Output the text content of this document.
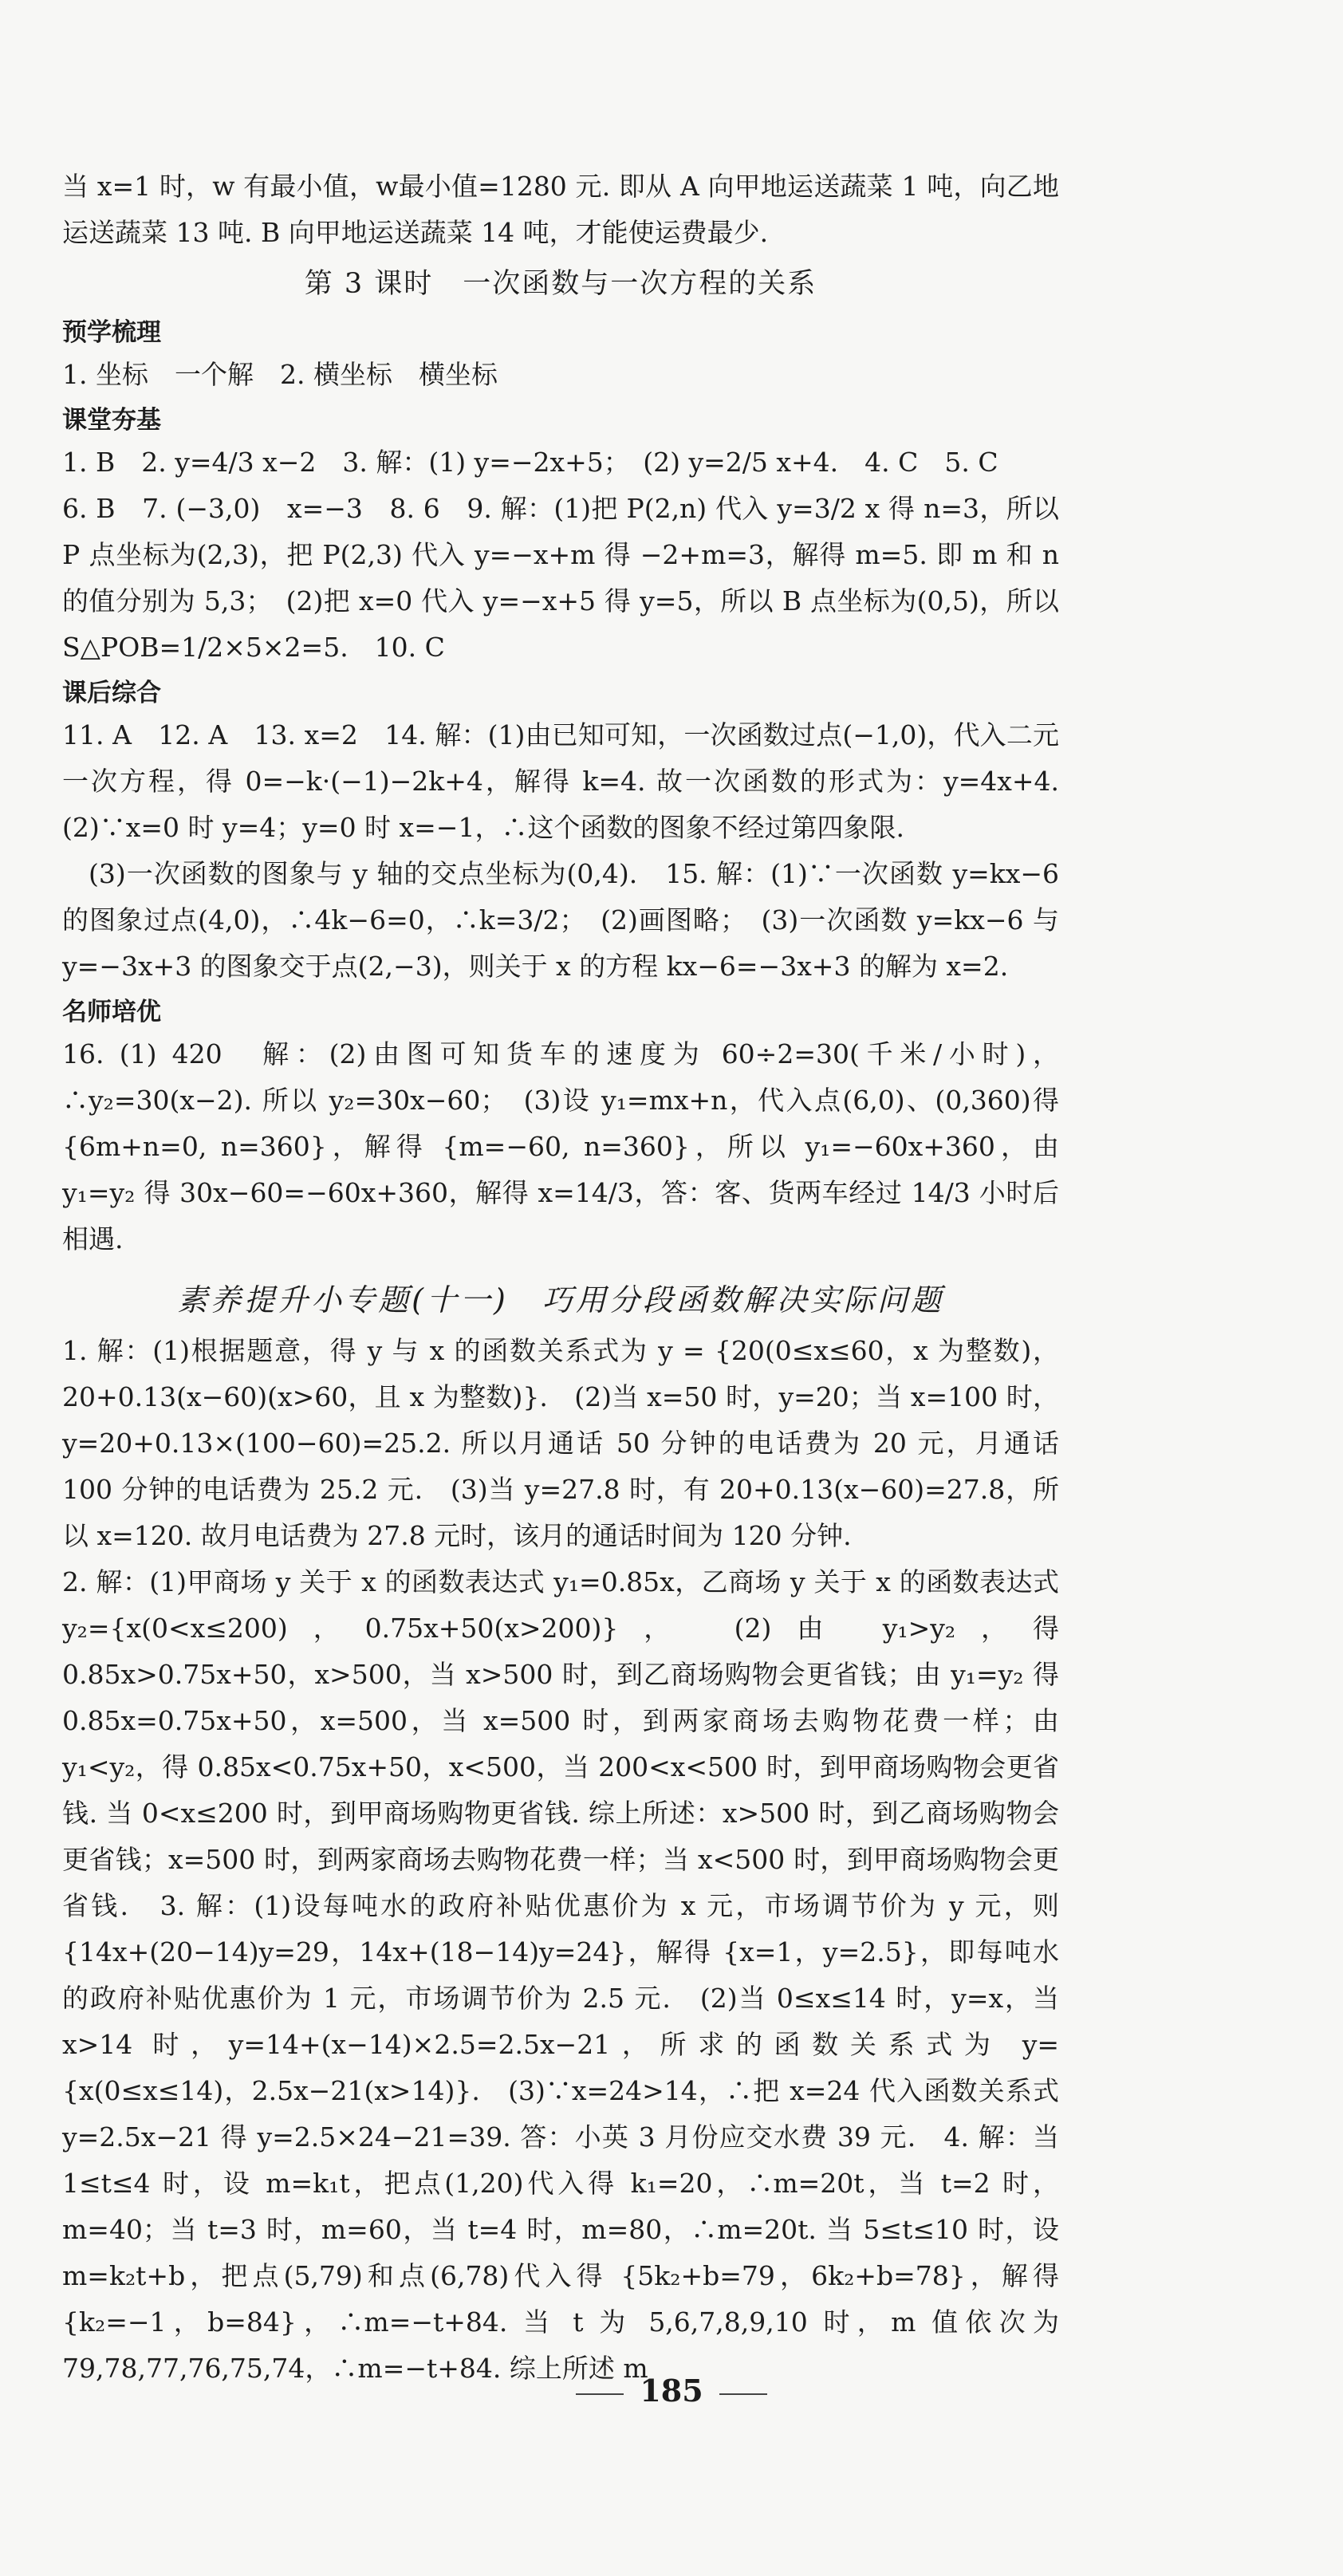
当 x=1 时，w 有最小值，w最小值=1280 元. 即从 A 向甲地运送蔬菜 1 吨，向乙地运送蔬菜 13 吨. B 向甲地运送蔬菜 14 吨，才能使运费最少.

第 3 课时　一次函数与一次方程的关系
预学梳理

1. 坐标　一个解　2. 横坐标　横坐标

课堂夯基

1. B　2. y=4/3 x−2　3. 解：(1) y=−2x+5；　(2) y=2/5 x+4.　4. C　5. C

6. B　7. (−3,0)　x=−3　8. 6　9. 解：(1)把 P(2,n) 代入 y=3/2 x 得 n=3，所以 P 点坐标为(2,3)，把 P(2,3) 代入 y=−x+m 得 −2+m=3，解得 m=5. 即 m 和 n 的值分别为 5,3；　(2)把 x=0 代入 y=−x+5 得 y=5，所以 B 点坐标为(0,5)，所以 S△POB=1/2×5×2=5.　10. C

课后综合

11. A　12. A　13. x=2　14. 解：(1)由已知可知，一次函数过点(−1,0)，代入二元一次方程，得 0=−k·(−1)−2k+4，解得 k=4. 故一次函数的形式为：y=4x+4.　(2)∵x=0 时 y=4；y=0 时 x=−1，∴这个函数的图象不经过第四象限.

(3)一次函数的图象与 y 轴的交点坐标为(0,4).　15. 解：(1)∵一次函数 y=kx−6 的图象过点(4,0)，∴4k−6=0，∴k=3/2；　(2)画图略；　(3)一次函数 y=kx−6 与 y=−3x+3 的图象交于点(2,−3)，则关于 x 的方程 kx−6=−3x+3 的解为 x=2.

名师培优

16. (1) 420　解：(2)由图可知货车的速度为 60÷2=30(千米/小时)，∴y₂=30(x−2). 所以 y₂=30x−60；　(3)设 y₁=mx+n，代入点(6,0)、(0,360)得 {6m+n=0, n=360}，解得 {m=−60, n=360}，所以 y₁=−60x+360，由 y₁=y₂ 得 30x−60=−60x+360，解得 x=14/3，答：客、货两车经过 14/3 小时后相遇.

素养提升小专题(十一)　巧用分段函数解决实际问题

1. 解：(1)根据题意，得 y 与 x 的函数关系式为 y = {20(0≤x≤60，x 为整数)，20+0.13(x−60)(x>60，且 x 为整数)}.　(2)当 x=50 时，y=20；当 x=100 时，y=20+0.13×(100−60)=25.2. 所以月通话 50 分钟的电话费为 20 元，月通话 100 分钟的电话费为 25.2 元.　(3)当 y=27.8 时，有 20+0.13(x−60)=27.8，所以 x=120. 故月电话费为 27.8 元时，该月的通话时间为 120 分钟.

2. 解：(1)甲商场 y 关于 x 的函数表达式 y₁=0.85x，乙商场 y 关于 x 的函数表达式 y₂={x(0<x≤200)，0.75x+50(x>200)}，　(2)由 y₁>y₂，得 0.85x>0.75x+50，x>500，当 x>500 时，到乙商场购物会更省钱；由 y₁=y₂ 得 0.85x=0.75x+50，x=500，当 x=500 时，到两家商场去购物花费一样；由 y₁<y₂，得 0.85x<0.75x+50，x<500，当 200<x<500 时，到甲商场购物会更省钱. 当 0<x≤200 时，到甲商场购物更省钱. 综上所述：x>500 时，到乙商场购物会更省钱；x=500 时，到两家商场去购物花费一样；当 x<500 时，到甲商场购物会更省钱.　3. 解：(1)设每吨水的政府补贴优惠价为 x 元，市场调节价为 y 元，则 {14x+(20−14)y=29，14x+(18−14)y=24}，解得 {x=1，y=2.5}，即每吨水的政府补贴优惠价为 1 元，市场调节价为 2.5 元.　(2)当 0≤x≤14 时，y=x，当 x>14 时，y=14+(x−14)×2.5=2.5x−21，所求的函数关系式为 y={x(0≤x≤14)，2.5x−21(x>14)}.　(3)∵x=24>14，∴把 x=24 代入函数关系式 y=2.5x−21 得 y=2.5×24−21=39. 答：小英 3 月份应交水费 39 元.　4. 解：当 1≤t≤4 时，设 m=k₁t，把点(1,20)代入得 k₁=20，∴m=20t，当 t=2 时，m=40；当 t=3 时，m=60，当 t=4 时，m=80，∴m=20t. 当 5≤t≤10 时，设 m=k₂t+b，把点(5,79)和点(6,78)代入得 {5k₂+b=79，6k₂+b=78}，解得 {k₂=−1，b=84}，∴m=−t+84. 当 t 为 5,6,7,8,9,10 时，m 值依次为 79,78,77,76,75,74，∴m=−t+84. 综上所述 m

185
